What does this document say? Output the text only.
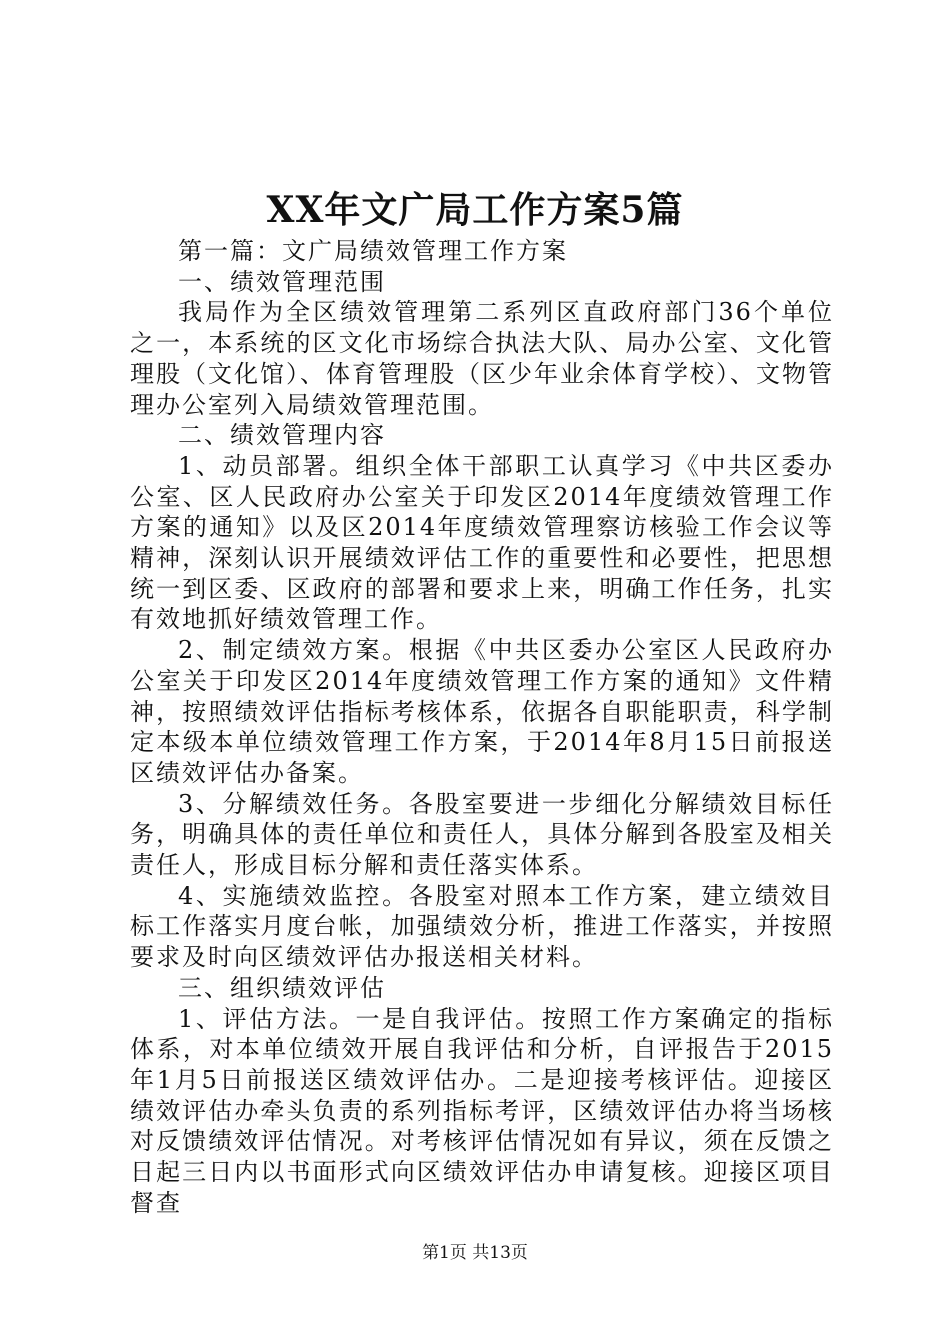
XX年文广局工作方案5篇

第一篇：文广局绩效管理工作方案

一、绩效管理范围

我局作为全区绩效管理第二系列区直政府部门36个单位之一，本系统的区文化市场综合执法大队、局办公室、文化管理股（文化馆）、体育管理股（区少年业余体育学校）、文物管理办公室列入局绩效管理范围。

二、绩效管理内容

1、动员部署。组织全体干部职工认真学习《中共区委办公室、区人民政府办公室关于印发区2014年度绩效管理工作方案的通知》以及区2014年度绩效管理察访核验工作会议等精神，深刻认识开展绩效评估工作的重要性和必要性，把思想统一到区委、区政府的部署和要求上来，明确工作任务，扎实有效地抓好绩效管理工作。

2、制定绩效方案。根据《中共区委办公室区人民政府办公室关于印发区2014年度绩效管理工作方案的通知》文件精神，按照绩效评估指标考核体系，依据各自职能职责，科学制定本级本单位绩效管理工作方案，于2014年8月15日前报送区绩效评估办备案。

3、分解绩效任务。各股室要进一步细化分解绩效目标任务，明确具体的责任单位和责任人，具体分解到各股室及相关责任人，形成目标分解和责任落实体系。

4、实施绩效监控。各股室对照本工作方案，建立绩效目标工作落实月度台帐，加强绩效分析，推进工作落实，并按照要求及时向区绩效评估办报送相关材料。

三、组织绩效评估

1、评估方法。一是自我评估。按照工作方案确定的指标体系，对本单位绩效开展自我评估和分析，自评报告于2015年1月5日前报送区绩效评估办。二是迎接考核评估。迎接区绩效评估办牵头负责的系列指标考评，区绩效评估办将当场核对反馈绩效评估情况。对考核评估情况如有异议，须在反馈之日起三日内以书面形式向区绩效评估办申请复核。迎接区项目督查

第1页 共13页
